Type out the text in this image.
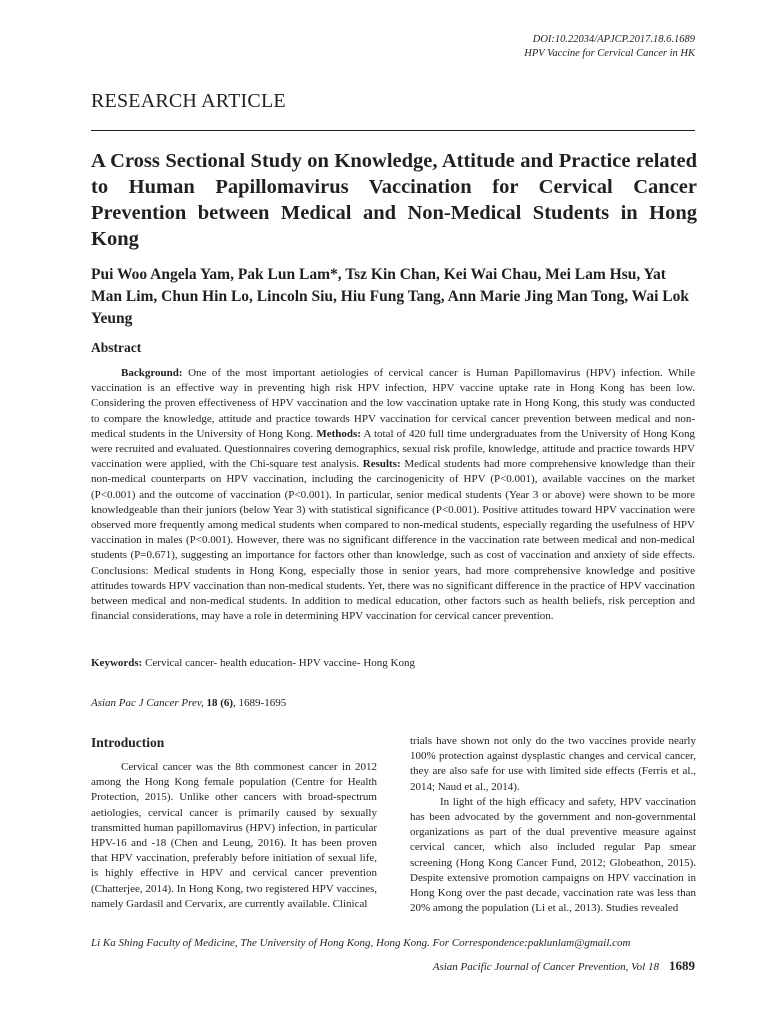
DOI:10.22034/APJCP.2017.18.6.1689
HPV Vaccine for Cervical Cancer in HK
RESEARCH ARTICLE
A Cross Sectional Study on Knowledge, Attitude and Practice related to Human Papillomavirus Vaccination for Cervical Cancer Prevention between Medical and Non-Medical Students in Hong Kong
Pui Woo Angela Yam, Pak Lun Lam*, Tsz Kin Chan, Kei Wai Chau, Mei Lam Hsu, Yat Man Lim, Chun Hin Lo, Lincoln Siu, Hiu Fung Tang, Ann Marie Jing Man Tong, Wai Lok Yeung
Abstract
Background: One of the most important aetiologies of cervical cancer is Human Papillomavirus (HPV) infection. While vaccination is an effective way in preventing high risk HPV infection, HPV vaccine uptake rate in Hong Kong has been low. Considering the proven effectiveness of HPV vaccination and the low vaccination uptake rate in Hong Kong, this study was conducted to compare the knowledge, attitude and practice towards HPV vaccination for cervical cancer prevention between medical and non-medical students in the University of Hong Kong. Methods: A total of 420 full time undergraduates from the University of Hong Kong were recruited and evaluated. Questionnaires covering demographics, sexual risk profile, knowledge, attitude and practice towards HPV vaccination were applied, with the Chi-square test analysis. Results: Medical students had more comprehensive knowledge than their non-medical counterparts on HPV vaccination, including the carcinogenicity of HPV (P<0.001), available vaccines on the market (P<0.001) and the outcome of vaccination (P<0.001). In particular, senior medical students (Year 3 or above) were shown to be more knowledgeable than their juniors (below Year 3) with statistical significance (P<0.001). Positive attitudes toward HPV vaccination were observed more frequently among medical students when compared to non-medical students, especially regarding the usefulness of HPV vaccination in males (P<0.001). However, there was no significant difference in the vaccination rate between medical and non-medical students (P=0.671), suggesting an importance for factors other than knowledge, such as cost of vaccination and anxiety of side effects. Conclusions: Medical students in Hong Kong, especially those in senior years, had more comprehensive knowledge and positive attitudes towards HPV vaccination than non-medical students. Yet, there was no significant difference in the practice of HPV vaccination between medical and non-medical students. In addition to medical education, other factors such as health beliefs, risk perception and financial considerations, may have a role in determining HPV vaccination for cervical cancer prevention.
Keywords: Cervical cancer- health education- HPV vaccine- Hong Kong
Asian Pac J Cancer Prev, 18 (6), 1689-1695
Introduction

Cervical cancer was the 8th commonest cancer in 2012 among the Hong Kong female population (Centre for Health Protection, 2015). Unlike other cancers with broad-spectrum aetiologies, cervical cancer is primarily caused by sexually transmitted human papillomavirus (HPV) infection, in particular HPV-16 and -18 (Chen and Leung, 2016). It has been proven that HPV vaccination, preferably before initiation of sexual life, is highly effective in HPV and cervical cancer prevention (Chatterjee, 2014). In Hong Kong, two registered HPV vaccines, namely Gardasil and Cervarix, are currently available. Clinical

trials have shown not only do the two vaccines provide nearly 100% protection against dysplastic changes and cervical cancer, they are also safe for use with limited side effects (Ferris et al., 2014; Naud et al., 2014).

In light of the high efficacy and safety, HPV vaccination has been advocated by the government and non-governmental organizations as part of the dual preventive measure against cervical cancer, which also included regular Pap smear screening (Hong Kong Cancer Fund, 2012; Globeathon, 2015). Despite extensive promotion campaigns on HPV vaccination in Hong Kong over the past decade, vaccination rate was less than 20% among the population (Li et al., 2013). Studies revealed

Li Ka Shing Faculty of Medicine, The University of Hong Kong, Hong Kong. For Correspondence:paklunlam@gmail.com
Asian Pacific Journal of Cancer Prevention, Vol 18 1689
